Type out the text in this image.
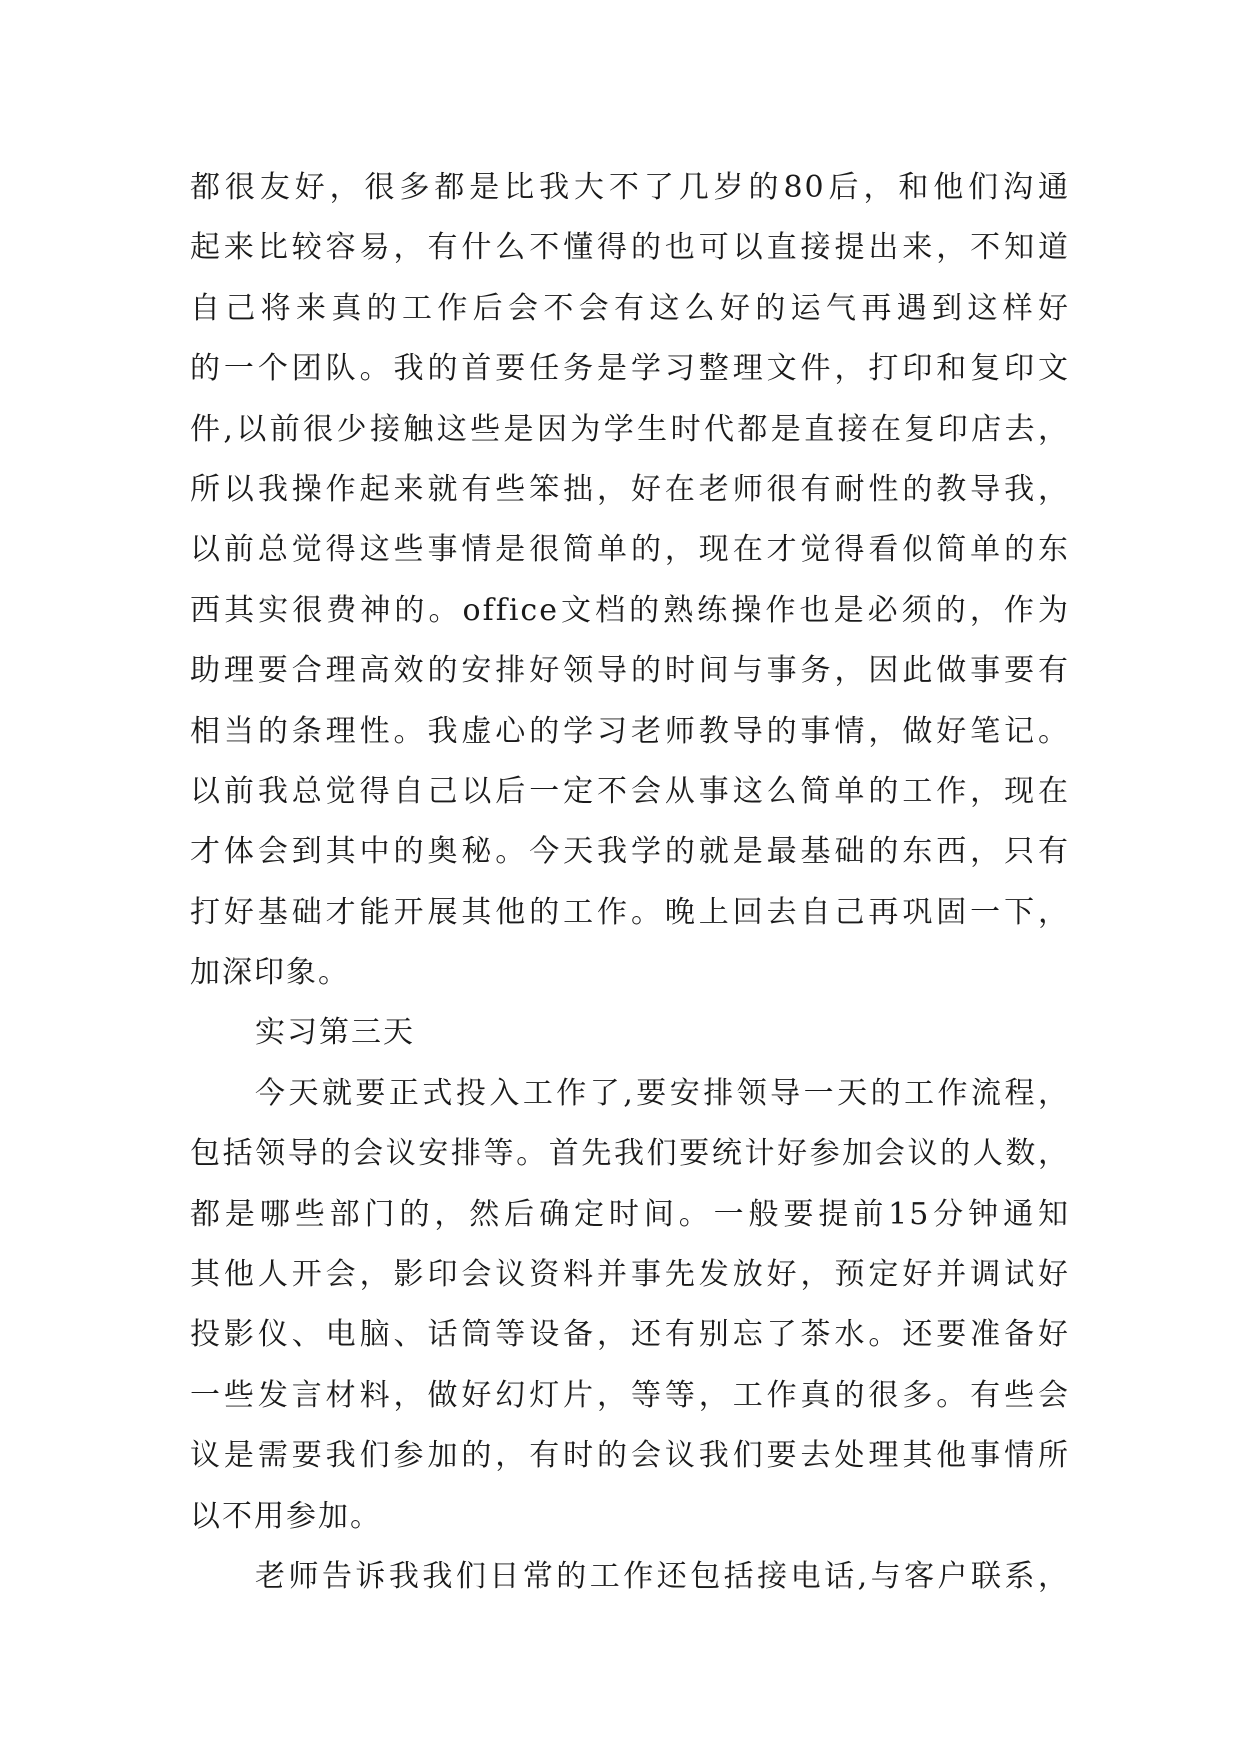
都很友好，很多都是比我大不了几岁的80后，和他们沟通
起来比较容易，有什么不懂得的也可以直接提出来，不知道
自己将来真的工作后会不会有这么好的运气再遇到这样好
的一个团队。我的首要任务是学习整理文件，打印和复印文
件,以前很少接触这些是因为学生时代都是直接在复印店去，
所以我操作起来就有些笨拙，好在老师很有耐性的教导我，
以前总觉得这些事情是很简单的，现在才觉得看似简单的东
西其实很费神的。office文档的熟练操作也是必须的，作为
助理要合理高效的安排好领导的时间与事务，因此做事要有
相当的条理性。我虚心的学习老师教导的事情，做好笔记。
以前我总觉得自己以后一定不会从事这么简单的工作，现在
才体会到其中的奥秘。今天我学的就是最基础的东西，只有
打好基础才能开展其他的工作。晚上回去自己再巩固一下，
加深印象。
实习第三天
今天就要正式投入工作了,要安排领导一天的工作流程，
包括领导的会议安排等。首先我们要统计好参加会议的人数，
都是哪些部门的，然后确定时间。一般要提前15分钟通知
其他人开会，影印会议资料并事先发放好，预定好并调试好
投影仪、电脑、话筒等设备，还有别忘了茶水。还要准备好
一些发言材料，做好幻灯片，等等，工作真的很多。有些会
议是需要我们参加的，有时的会议我们要去处理其他事情所
以不用参加。
老师告诉我我们日常的工作还包括接电话,与客户联系，
